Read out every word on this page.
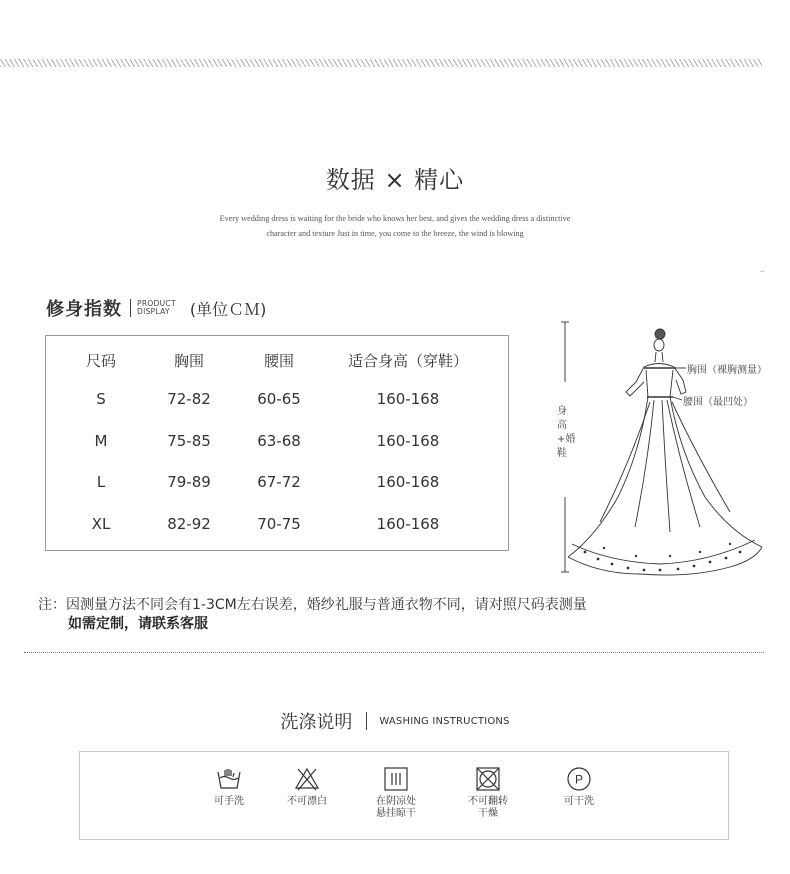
数据 × 精心
Every wedding dress is waiting for the bride who knows her best, and gives the wedding dress a distinctive
character and texture Just in time, you come to the breeze, the wind is blowing
..
修身指数 PRODUCT
DISPLAY	(单位ＣＭ)
尺码	胸围	腰围	适合身高（穿鞋）
S	72-82	60-65	160-168
M	75-85	63-68	160-168
L	79-89	67-72	160-168
XL	82-92	70-75	160-168
胸围（裸胸测量）
腰围（最凹处）
身高+婚鞋
注：因测量方法不同会有1-3CM左右误差，婚纱礼服与普通衣物不同，请对照尺码表测量
如需定制，请联系客服
洗涤说明	WASHING INSTRUCTIONS
可手洗	不可漂白	在阴凉处
悬挂晾干
不可翻转
干燥
P
可干洗
